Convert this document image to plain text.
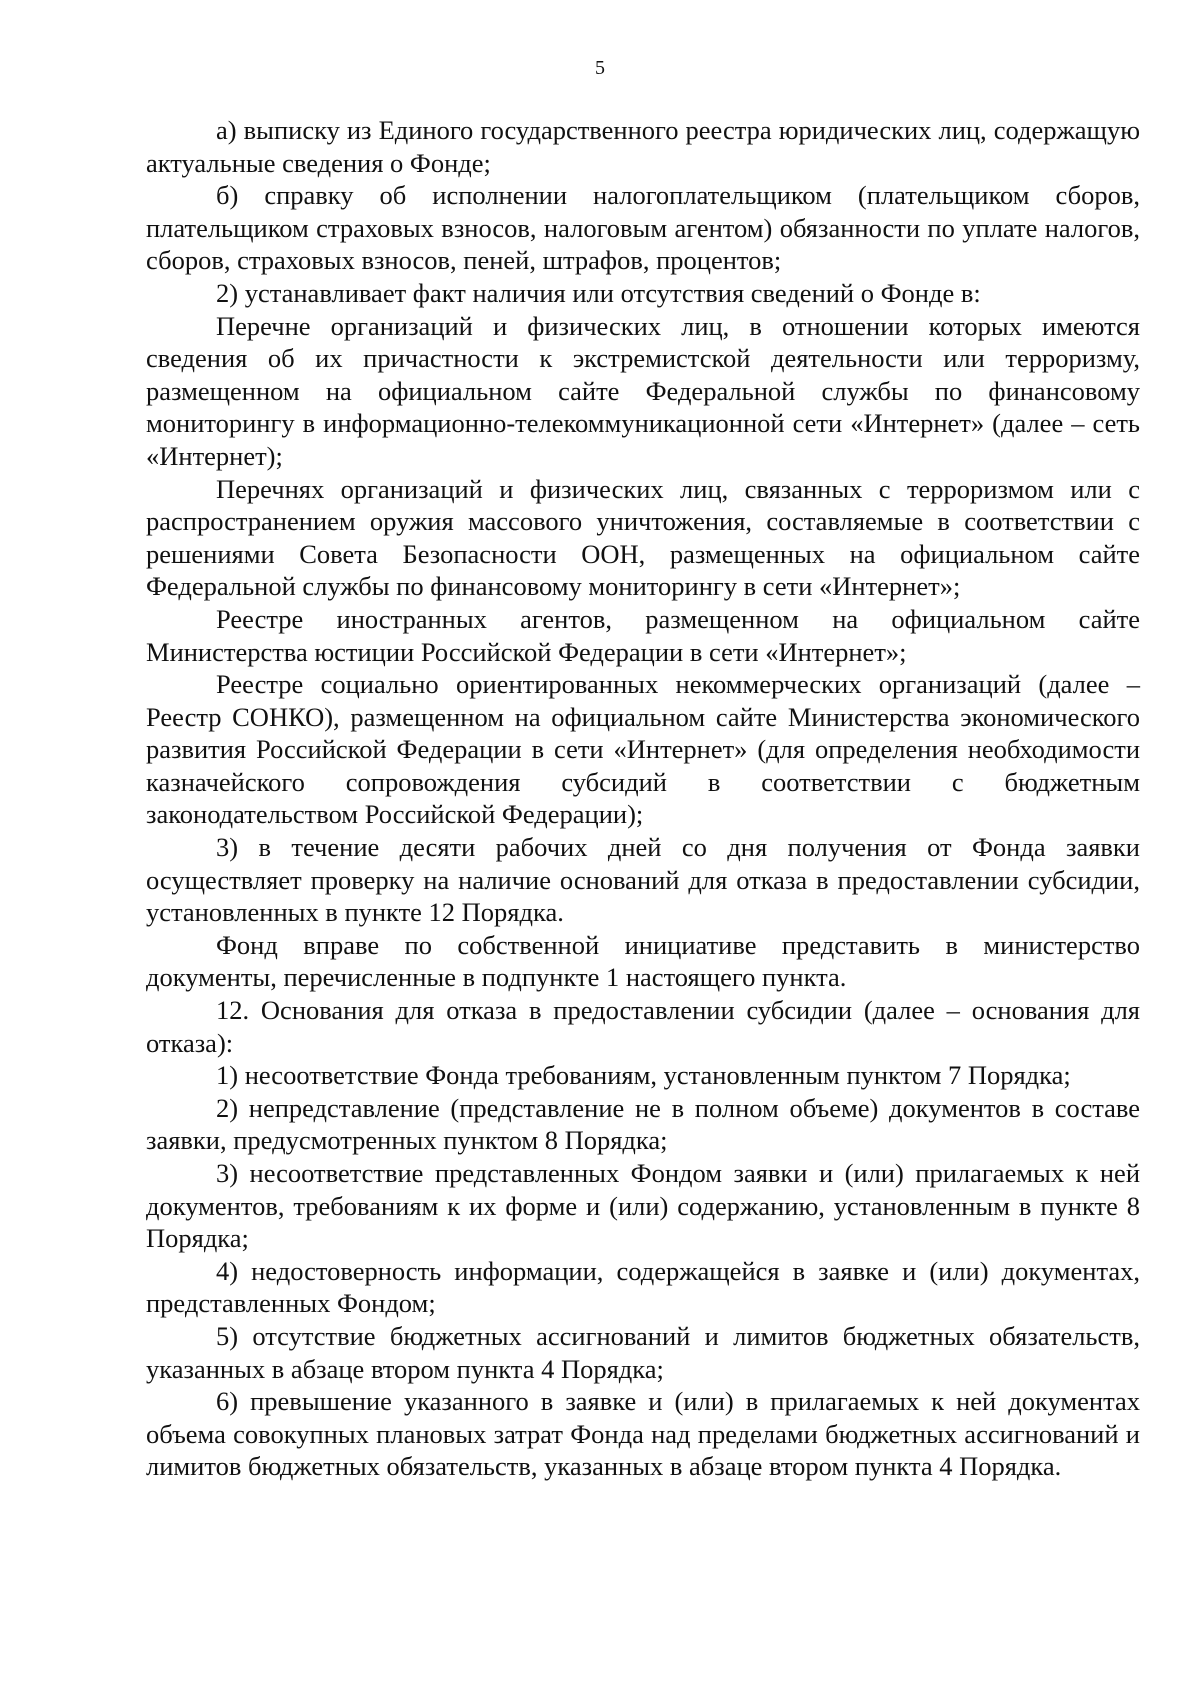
5

а) выписку из Единого государственного реестра юридических лиц, содержащую актуальные сведения о Фонде;

б) справку об исполнении налогоплательщиком (плательщиком сборов, плательщиком страховых взносов, налоговым агентом) обязанности по уплате налогов, сборов, страховых взносов, пеней, штрафов, процентов;

2) устанавливает факт наличия или отсутствия сведений о Фонде в:

Перечне организаций и физических лиц, в отношении которых имеются сведения об их причастности к экстремистской деятельности или терроризму, размещенном на официальном сайте Федеральной службы по финансовому мониторингу в информационно-телекоммуникационной сети «Интернет» (далее – сеть «Интернет);

Перечнях организаций и физических лиц, связанных с терроризмом или с распространением оружия массового уничтожения, составляемые в соответствии с решениями Совета Безопасности ООН, размещенных на официальном сайте Федеральной службы по финансовому мониторингу в сети «Интернет»;

Реестре иностранных агентов, размещенном на официальном сайте Министерства юстиции Российской Федерации в сети «Интернет»;

Реестре социально ориентированных некоммерческих организаций (далее – Реестр СОНКО), размещенном на официальном сайте Министерства экономического развития Российской Федерации в сети «Интернет» (для определения необходимости казначейского сопровождения субсидий в соответствии с бюджетным законодательством Российской Федерации);

3) в течение десяти рабочих дней со дня получения от Фонда заявки осуществляет проверку на наличие оснований для отказа в предоставлении субсидии, установленных в пункте 12 Порядка.

Фонд вправе по собственной инициативе представить в министерство документы, перечисленные в подпункте 1 настоящего пункта.

12. Основания для отказа в предоставлении субсидии (далее – основания для отказа):

1) несоответствие Фонда требованиям, установленным пунктом 7 Порядка;

2) непредставление (представление не в полном объеме) документов в составе заявки, предусмотренных пунктом 8 Порядка;

3) несоответствие представленных Фондом заявки и (или) прилагаемых к ней документов, требованиям к их форме и (или) содержанию, установленным в пункте 8 Порядка;

4) недостоверность информации, содержащейся в заявке и (или) документах, представленных Фондом;

5) отсутствие бюджетных ассигнований и лимитов бюджетных обязательств, указанных в абзаце втором пункта 4 Порядка;

6) превышение указанного в заявке и (или) в прилагаемых к ней документах объема совокупных плановых затрат Фонда над пределами бюджетных ассигнований и лимитов бюджетных обязательств, указанных в абзаце втором пункта 4 Порядка.
